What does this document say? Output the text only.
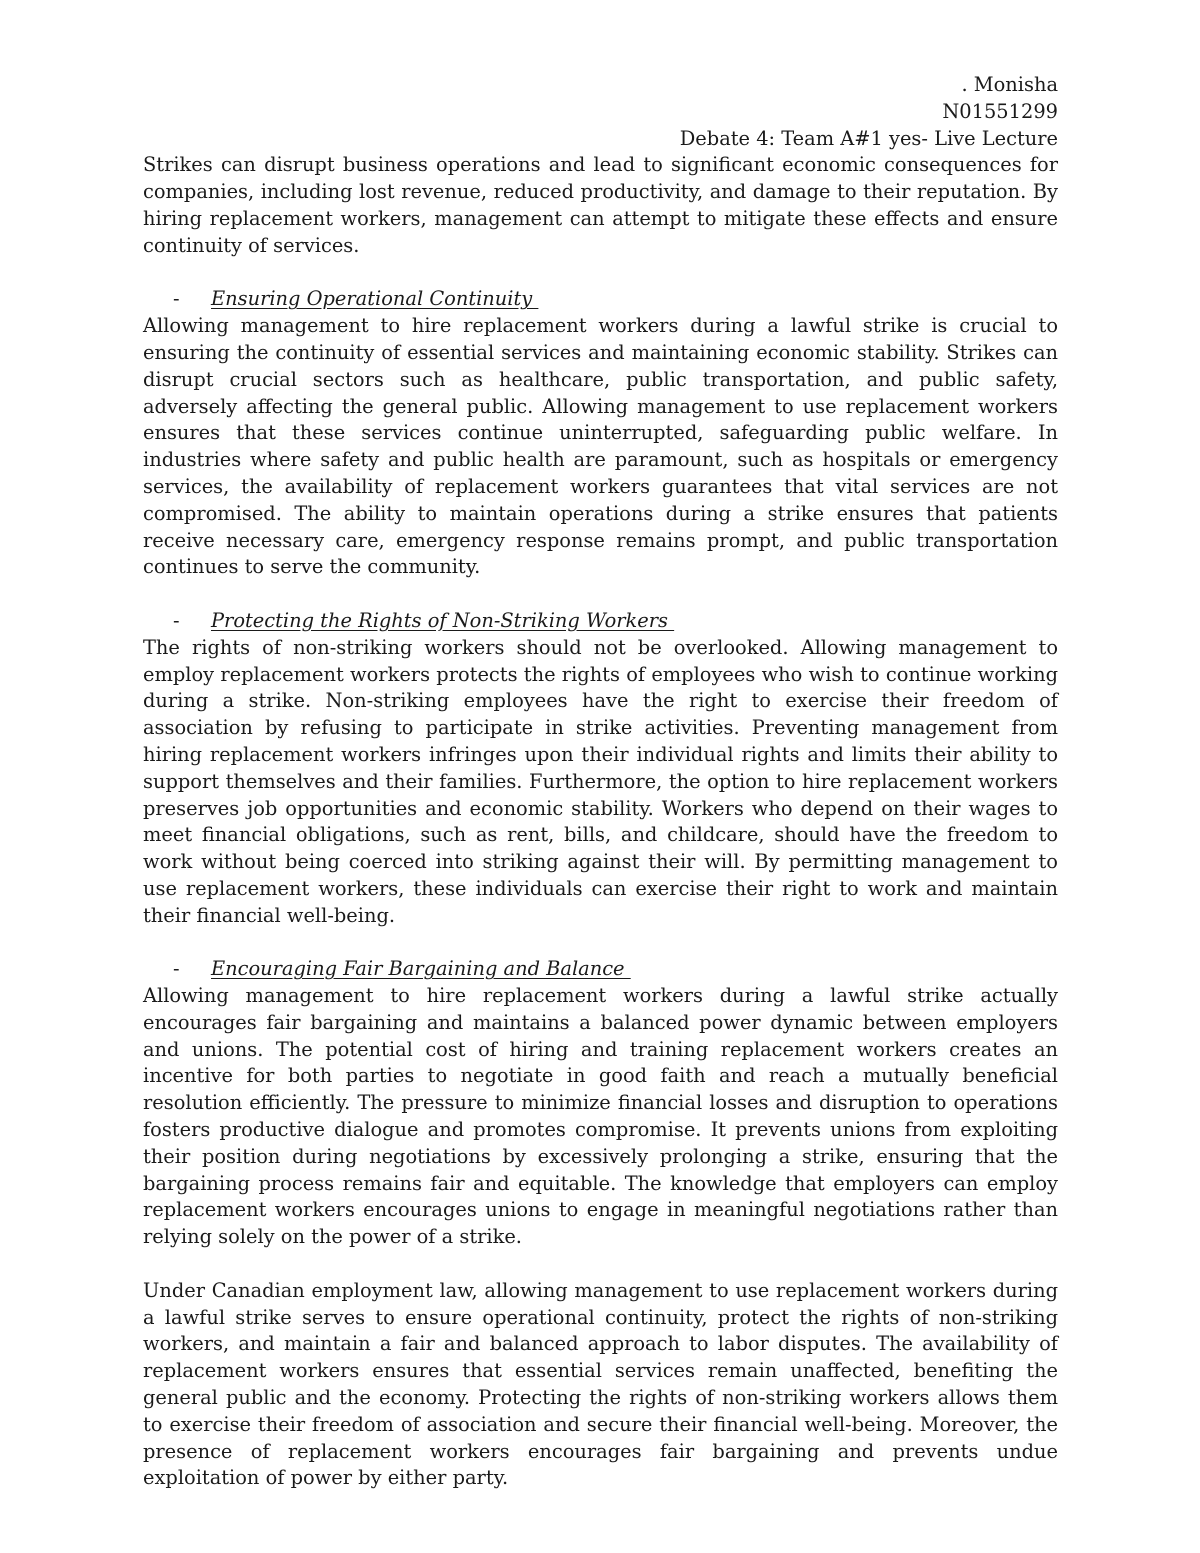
. Monisha
N01551299
Debate 4: Team A#1 yes- Live Lecture

Strikes can disrupt business operations and lead to significant economic consequences for companies, including lost revenue, reduced productivity, and damage to their reputation. By hiring replacement workers, management can attempt to mitigate these effects and ensure continuity of services.

-	Ensuring Operational Continuity

Allowing management to hire replacement workers during a lawful strike is crucial to ensuring the continuity of essential services and maintaining economic stability. Strikes can disrupt crucial sectors such as healthcare, public transportation, and public safety, adversely affecting the general public. Allowing management to use replacement workers ensures that these services continue uninterrupted, safeguarding public welfare. In industries where safety and public health are paramount, such as hospitals or emergency services, the availability of replacement workers guarantees that vital services are not compromised. The ability to maintain operations during a strike ensures that patients receive necessary care, emergency response remains prompt, and public transportation continues to serve the community.

-	Protecting the Rights of Non-Striking Workers

The rights of non-striking workers should not be overlooked. Allowing management to employ replacement workers protects the rights of employees who wish to continue working during a strike. Non-striking employees have the right to exercise their freedom of association by refusing to participate in strike activities. Preventing management from hiring replacement workers infringes upon their individual rights and limits their ability to support themselves and their families. Furthermore, the option to hire replacement workers preserves job opportunities and economic stability. Workers who depend on their wages to meet financial obligations, such as rent, bills, and childcare, should have the freedom to work without being coerced into striking against their will. By permitting management to use replacement workers, these individuals can exercise their right to work and maintain their financial well-being.

-	Encouraging Fair Bargaining and Balance

Allowing management to hire replacement workers during a lawful strike actually encourages fair bargaining and maintains a balanced power dynamic between employers and unions. The potential cost of hiring and training replacement workers creates an incentive for both parties to negotiate in good faith and reach a mutually beneficial resolution efficiently. The pressure to minimize financial losses and disruption to operations fosters productive dialogue and promotes compromise. It prevents unions from exploiting their position during negotiations by excessively prolonging a strike, ensuring that the bargaining process remains fair and equitable. The knowledge that employers can employ replacement workers encourages unions to engage in meaningful negotiations rather than relying solely on the power of a strike.

Under Canadian employment law, allowing management to use replacement workers during a lawful strike serves to ensure operational continuity, protect the rights of non-striking workers, and maintain a fair and balanced approach to labor disputes. The availability of replacement workers ensures that essential services remain unaffected, benefiting the general public and the economy. Protecting the rights of non-striking workers allows them to exercise their freedom of association and secure their financial well-being. Moreover, the presence of replacement workers encourages fair bargaining and prevents undue exploitation of power by either party.
